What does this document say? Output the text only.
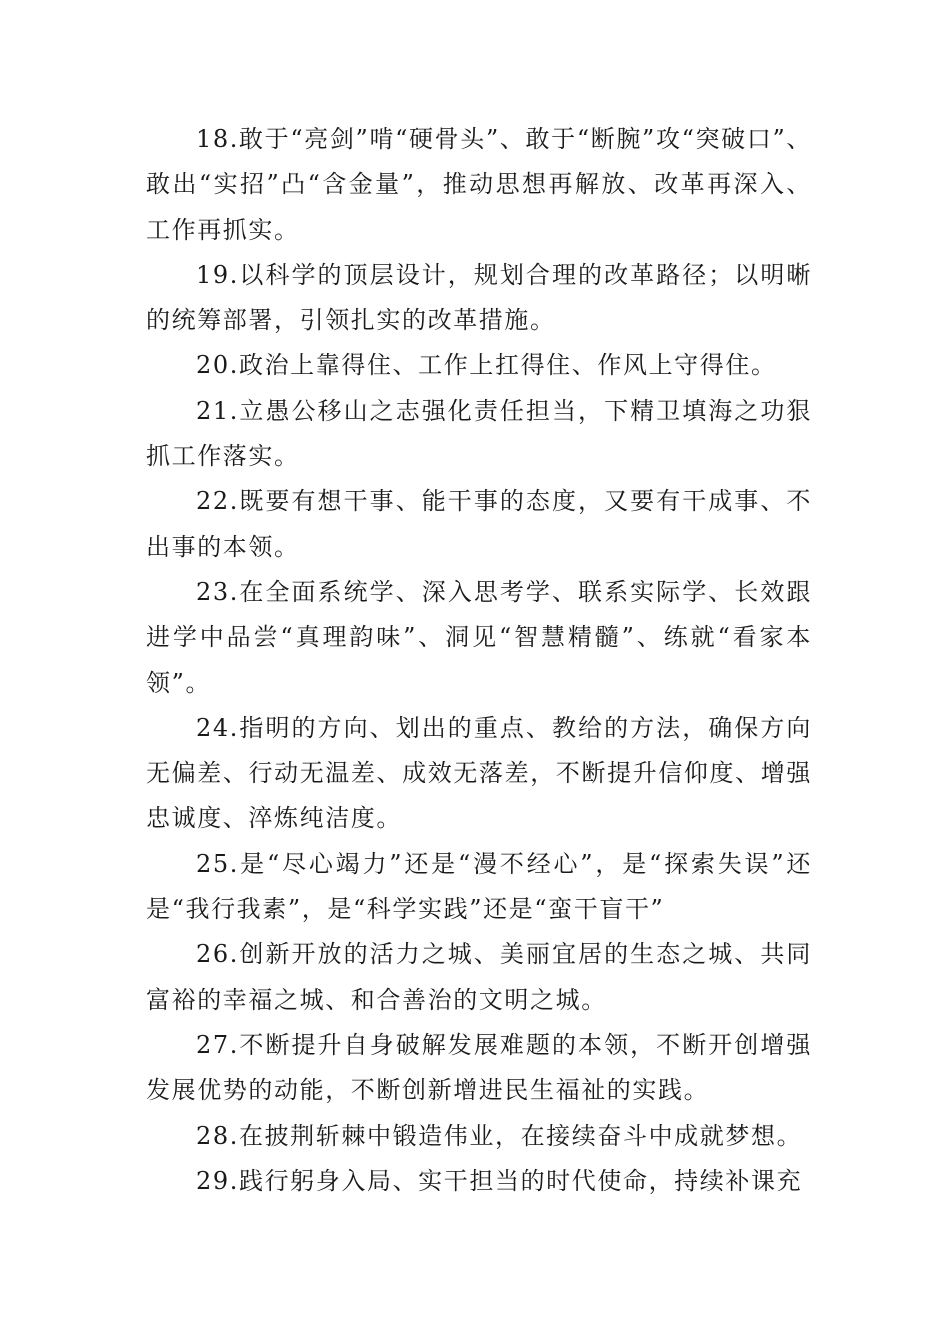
18.敢于“亮剑”啃“硬骨头”、敢于“断腕”攻“突破口”、敢出“实招”凸“含金量”，推动思想再解放、改革再深入、工作再抓实。

19.以科学的顶层设计，规划合理的改革路径；以明晰的统筹部署，引领扎实的改革措施。

20.政治上靠得住、工作上扛得住、作风上守得住。

21.立愚公移山之志强化责任担当，下精卫填海之功狠抓工作落实。

22.既要有想干事、能干事的态度，又要有干成事、不出事的本领。

23.在全面系统学、深入思考学、联系实际学、长效跟进学中品尝“真理韵味”、洞见“智慧精髓”、练就“看家本领”。

24.指明的方向、划出的重点、教给的方法，确保方向无偏差、行动无温差、成效无落差，不断提升信仰度、增强忠诚度、淬炼纯洁度。

25.是“尽心竭力”还是“漫不经心”，是“探索失误”还是“我行我素”，是“科学实践”还是“蛮干盲干”

26.创新开放的活力之城、美丽宜居的生态之城、共同富裕的幸福之城、和合善治的文明之城。

27.不断提升自身破解发展难题的本领，不断开创增强发展优势的动能，不断创新增进民生福祉的实践。

28.在披荆斩棘中锻造伟业，在接续奋斗中成就梦想。

29.践行躬身入局、实干担当的时代使命，持续补课充
